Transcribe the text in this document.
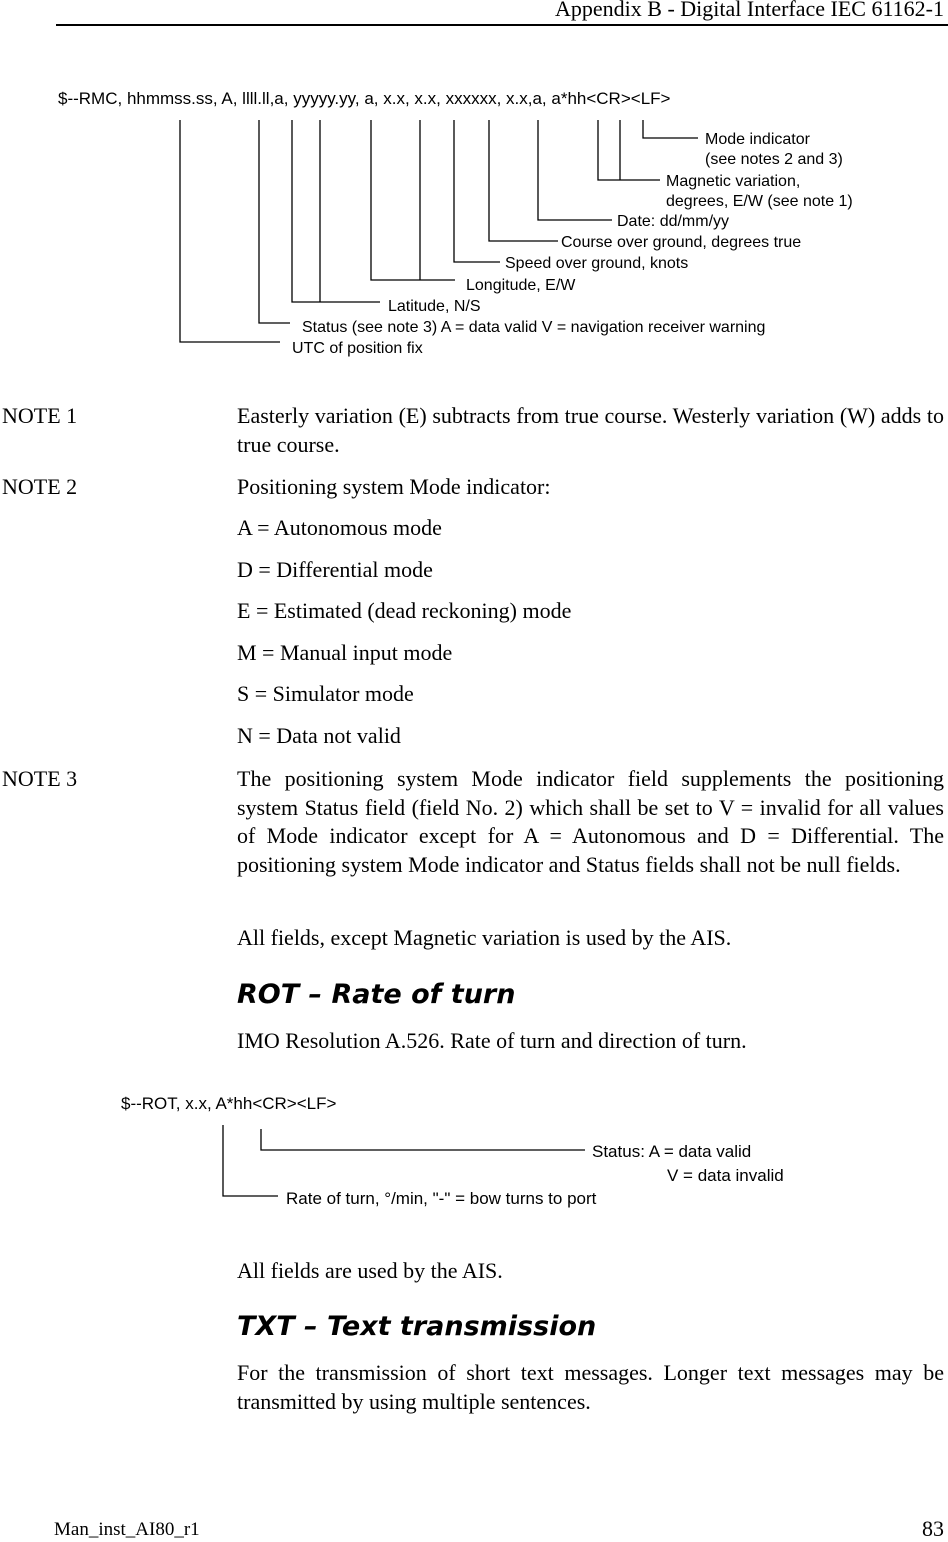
Appendix B - Digital Interface IEC 61162-1
$--RMC, hhmmss.ss, A, llll.ll,a, yyyyy.yy, a, x.x, x.x, xxxxxx, x.x,a, a*hh<CR><LF>
Mode indicator
(see notes 2 and 3)
Magnetic variation,
degrees, E/W (see note 1)
Date: dd/mm/yy
Course over ground, degrees true
Speed over ground, knots
Longitude, E/W
Latitude, N/S
Status (see note 3) A = data valid V = navigation receiver warning
UTC of position fix
NOTE 1	Easterly variation (E) subtracts from true course. Westerly variation (W) adds to true course.
NOTE 2	Positioning system Mode indicator:
A = Autonomous mode
D = Differential mode
E = Estimated (dead reckoning) mode
M = Manual input mode
S = Simulator mode
N = Data not valid
NOTE 3	The positioning system Mode indicator field supplements the positioning system Status field (field No. 2) which shall be set to V = invalid for all values of Mode indicator except for A = Autonomous and D = Differential. The positioning system Mode indicator and Status fields shall not be null fields.
All fields, except Magnetic variation is used by the AIS.
ROT – Rate of turn
IMO Resolution A.526. Rate of turn and direction of turn.
$--ROT, x.x, A*hh<CR><LF>
Status: A = data valid
V = data invalid
Rate of turn, °/min, "-" = bow turns to port
All fields are used by the AIS.
TXT – Text transmission
For the transmission of short text messages. Longer text messages may be transmitted by using multiple sentences.
Man_inst_AI80_r1	83
